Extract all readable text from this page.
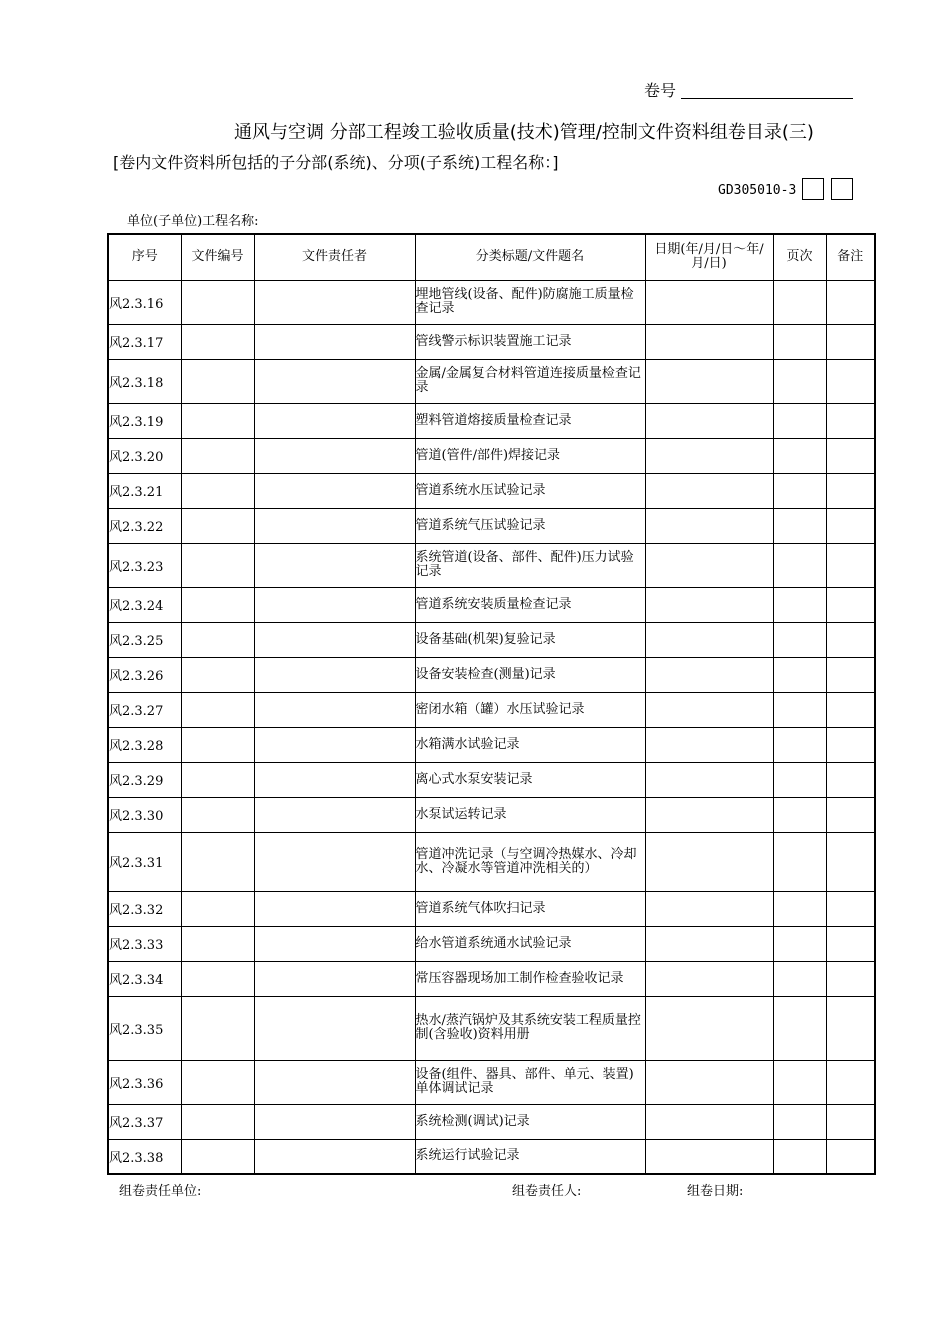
卷号
通风与空调 分部工程竣工验收质量(技术)管理/控制文件资料组卷目录(三)
[卷内文件资料所包括的子分部(系统)、分项(子系统)工程名称：]
GD305010-3
单位(子单位)工程名称:
序号	文件编号	文件责任者	分类标题/文件题名	日期(年/月/日～年/月/日)	页次	备注
风2.3.16			埋地管线(设备、配件)防腐施工质量检查记录			
风2.3.17			管线警示标识装置施工记录			
风2.3.18			金属/金属复合材料管道连接质量检查记录			
风2.3.19			塑料管道熔接质量检查记录			
风2.3.20			管道(管件/部件)焊接记录			
风2.3.21			管道系统水压试验记录			
风2.3.22			管道系统气压试验记录			
风2.3.23			系统管道(设备、部件、配件)压力试验记录			
风2.3.24			管道系统安装质量检查记录			
风2.3.25			设备基础(机架)复验记录			
风2.3.26			设备安装检查(测量)记录			
风2.3.27			密闭水箱（罐）水压试验记录			
风2.3.28			水箱满水试验记录			
风2.3.29			离心式水泵安装记录			
风2.3.30			水泵试运转记录			
风2.3.31			管道冲洗记录（与空调冷热媒水、冷却水、冷凝水等管道冲洗相关的）			
风2.3.32			管道系统气体吹扫记录			
风2.3.33			给水管道系统通水试验记录			
风2.3.34			常压容器现场加工制作检查验收记录			
风2.3.35			热水/蒸汽锅炉及其系统安装工程质量控制(含验收)资料用册			
风2.3.36			设备(组件、器具、部件、单元、装置)单体调试记录			
风2.3.37			系统检测(调试)记录			
风2.3.38			系统运行试验记录			
组卷责任单位:	组卷责任人:	组卷日期:
